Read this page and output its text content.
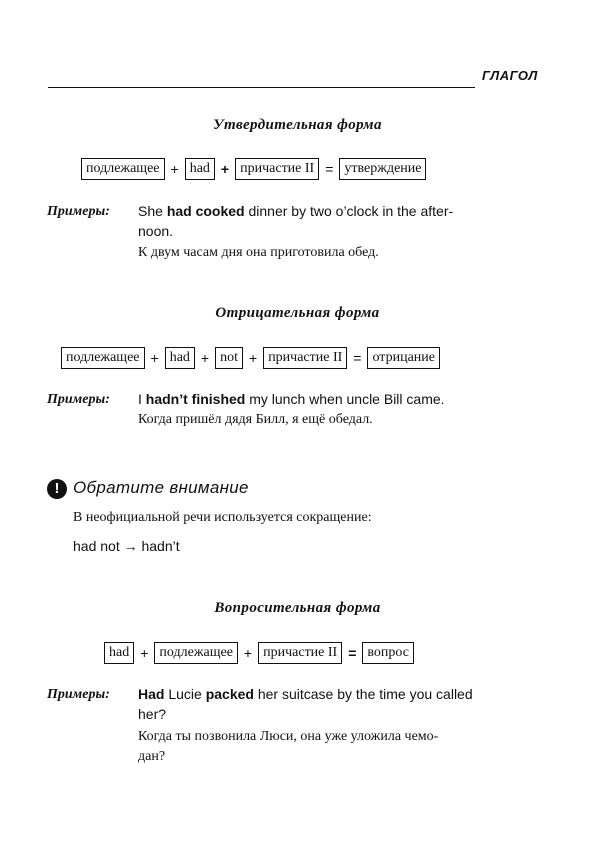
ГЛАГОЛ
Утвердительная форма
подлежащее + had + причастие II = утверждение
Примеры: She had cooked dinner by two o’clock in the after-
noon.
К двум часам дня она приготовила обед.
Отрицательная форма
подлежащее + had + not + причастие II = отрицание
Примеры: I hadn’t finished my lunch when uncle Bill came.
Когда пришёл дядя Билл, я ещё обедал.
! Обратите внимание
В неофициальной речи используется сокращение:
had not → hadn’t
Вопросительная форма
had + подлежащее + причастие II = вопрос
Примеры: Had Lucie packed her suitcase by the time you called
her?
Когда ты позвонила Люси, она уже уложила чемо-
дан?
